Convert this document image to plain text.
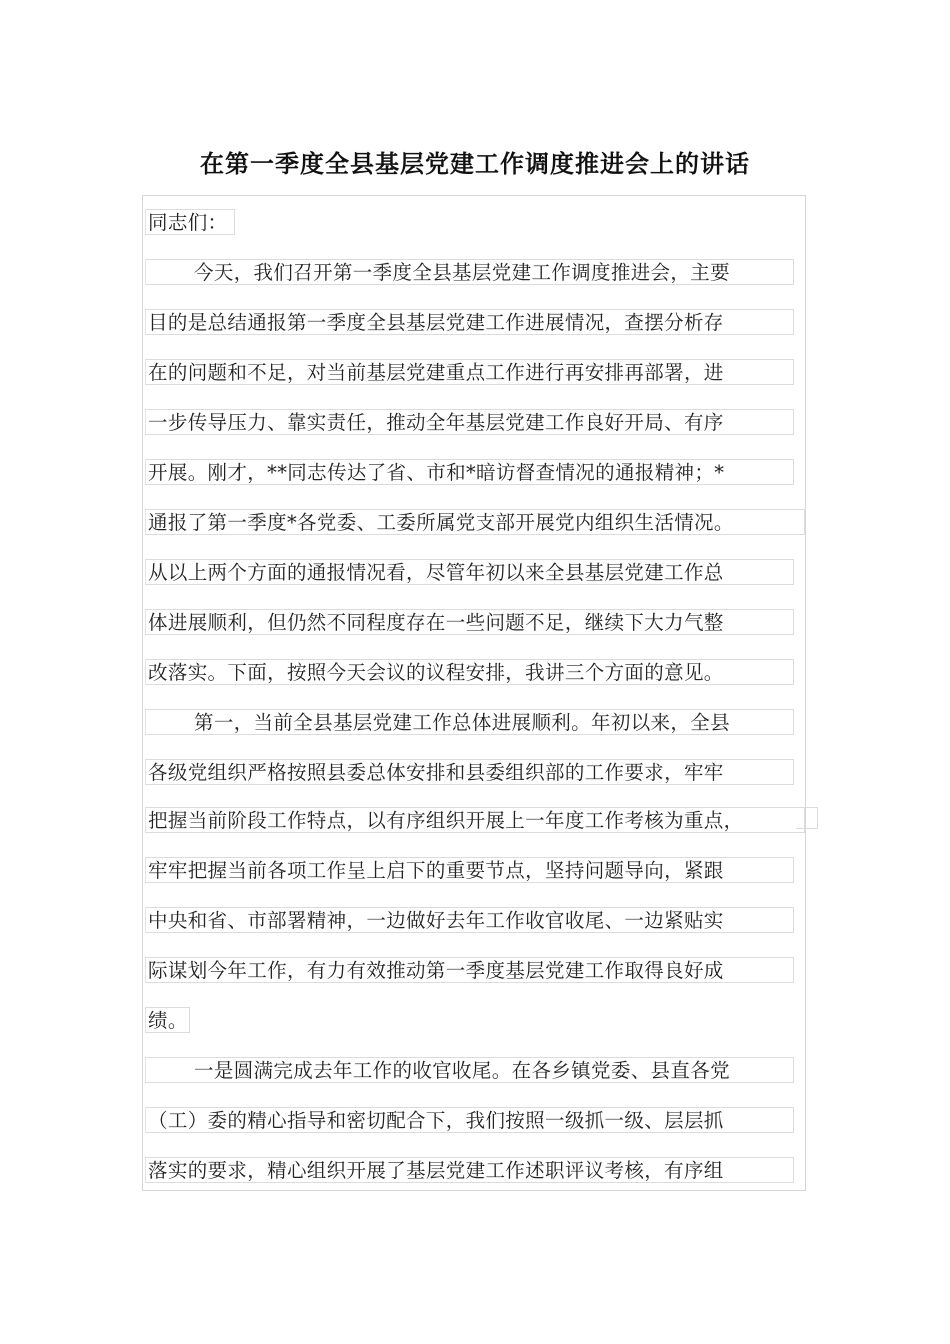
在第一季度全县基层党建工作调度推进会上的讲话
同志们：
今天，我们召开第一季度全县基层党建工作调度推进会，主要
目的是总结通报第一季度全县基层党建工作进展情况，查摆分析存
在的问题和不足，对当前基层党建重点工作进行再安排再部署，进
一步传导压力、靠实责任，推动全年基层党建工作良好开局、有序
开展。刚才，**同志传达了省、市和*暗访督查情况的通报精神；*
通报了第一季度*各党委、工委所属党支部开展党内组织生活情况。
从以上两个方面的通报情况看，尽管年初以来全县基层党建工作总
体进展顺利，但仍然不同程度存在一些问题不足，继续下大力气整
改落实。下面，按照今天会议的议程安排，我讲三个方面的意见。
第一，当前全县基层党建工作总体进展顺利。年初以来，全县
各级党组织严格按照县委总体安排和县委组织部的工作要求，牢牢
把握当前阶段工作特点，以有序组织开展上一年度工作考核为重点，
牢牢把握当前各项工作呈上启下的重要节点，坚持问题导向，紧跟
中央和省、市部署精神，一边做好去年工作收官收尾、一边紧贴实
际谋划今年工作，有力有效推动第一季度基层党建工作取得良好成
绩。
一是圆满完成去年工作的收官收尾。在各乡镇党委、县直各党
（工）委的精心指导和密切配合下，我们按照一级抓一级、层层抓
落实的要求，精心组织开展了基层党建工作述职评议考核，有序组
